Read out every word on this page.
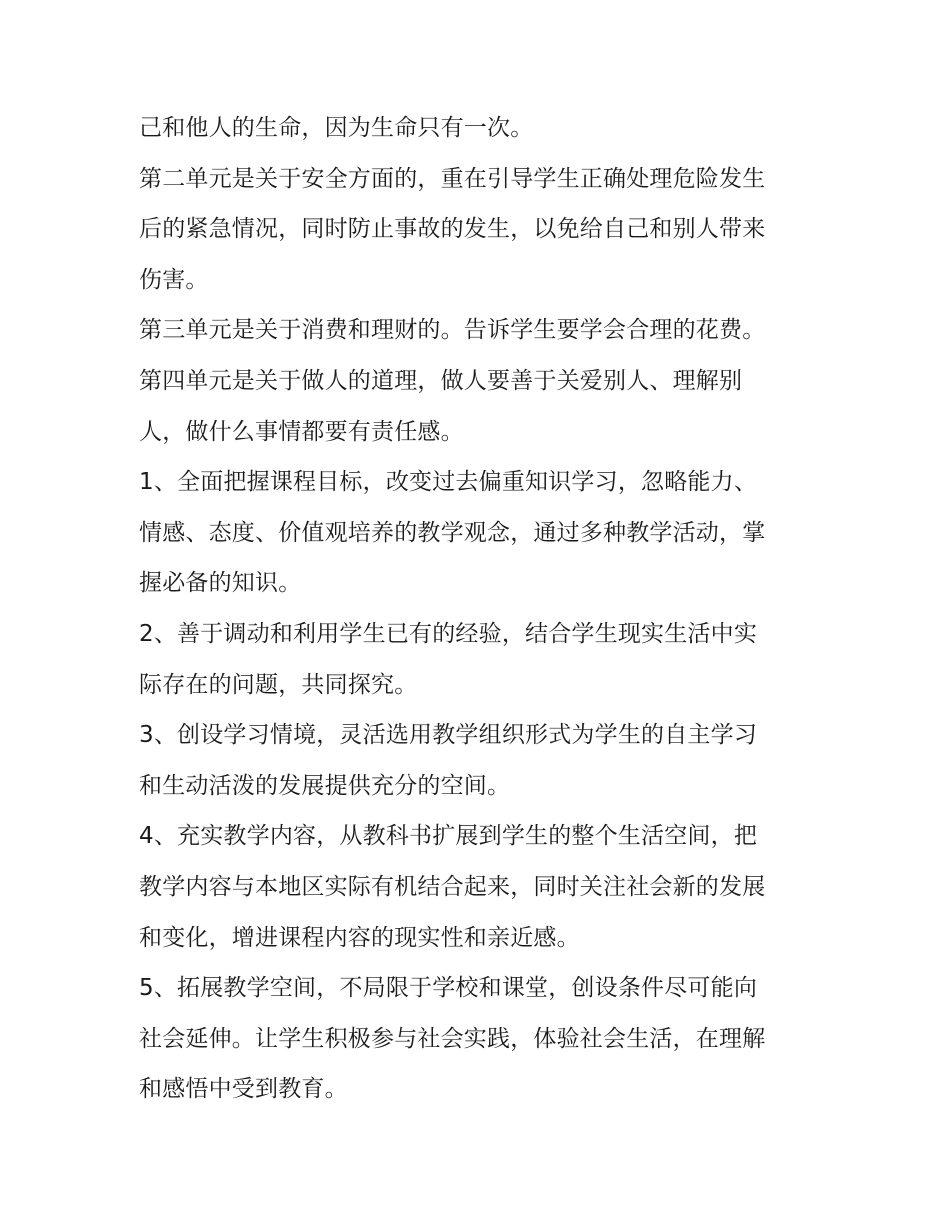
己和他人的生命，因为生命只有一次。
第二单元是关于安全方面的，重在引导学生正确处理危险发生
后的紧急情况，同时防止事故的发生，以免给自己和别人带来
伤害。
第三单元是关于消费和理财的。告诉学生要学会合理的花费。
第四单元是关于做人的道理，做人要善于关爱别人、理解别
人，做什么事情都要有责任感。
1、全面把握课程目标，改变过去偏重知识学习，忽略能力、
情感、态度、价值观培养的教学观念，通过多种教学活动，掌
握必备的知识。
2、善于调动和利用学生已有的经验，结合学生现实生活中实
际存在的问题，共同探究。
3、创设学习情境，灵活选用教学组织形式为学生的自主学习
和生动活泼的发展提供充分的空间。
4、充实教学内容，从教科书扩展到学生的整个生活空间，把
教学内容与本地区实际有机结合起来，同时关注社会新的发展
和变化，增进课程内容的现实性和亲近感。
5、拓展教学空间，不局限于学校和课堂，创设条件尽可能向
社会延伸。让学生积极参与社会实践，体验社会生活，在理解
和感悟中受到教育。
